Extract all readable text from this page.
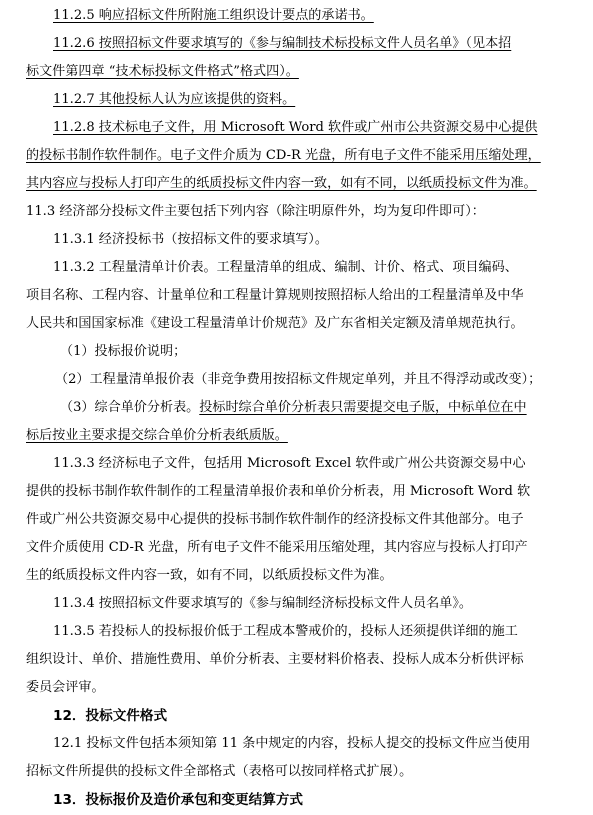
11.2.5 响应招标文件所附施工组织设计要点的承诺书。
11.2.6 按照招标文件要求填写的《参与编制技术标投标文件人员名单》（见本招
标文件第四章 “技术标投标文件格式”格式四）。
11.2.7 其他投标人认为应该提供的资料。
11.2.8 技术标电子文件，用 Microsoft Word 软件或广州市公共资源交易中心提供
的投标书制作软件制作。电子文件介质为 CD-R 光盘，所有电子文件不能采用压缩处理，
其内容应与投标人打印产生的纸质投标文件内容一致，如有不同，以纸质投标文件为准。
11.3 经济部分投标文件主要包括下列内容（除注明原件外，均为复印件即可）：
11.3.1 经济投标书（按招标文件的要求填写）。
11.3.2 工程量清单计价表。工程量清单的组成、编制、计价、格式、项目编码、
项目名称、工程内容、计量单位和工程量计算规则按照招标人给出的工程量清单及中华
人民共和国国家标准《建设工程量清单计价规范》及广东省相关定额及清单规范执行。
（1）投标报价说明；
（2）工程量清单报价表（非竞争费用按招标文件规定单列，并且不得浮动或改变）；
（3）综合单价分析表。投标时综合单价分析表只需要提交电子版，中标单位在中
标后按业主要求提交综合单价分析表纸质版。
11.3.3 经济标电子文件，包括用 Microsoft Excel 软件或广州公共资源交易中心
提供的投标书制作软件制作的工程量清单报价表和单价分析表，用 Microsoft Word 软
件或广州公共资源交易中心提供的投标书制作软件制作的经济投标文件其他部分。电子
文件介质使用 CD-R 光盘，所有电子文件不能采用压缩处理，其内容应与投标人打印产
生的纸质投标文件内容一致，如有不同，以纸质投标文件为准。
11.3.4 按照招标文件要求填写的《参与编制经济标投标文件人员名单》。
11.3.5 若投标人的投标报价低于工程成本警戒价的，投标人还须提供详细的施工
组织设计、单价、措施性费用、单价分析表、主要材料价格表、投标人成本分析供评标
委员会评审。
12．投标文件格式
12.1 投标文件包括本须知第 11 条中规定的内容，投标人提交的投标文件应当使用
招标文件所提供的投标文件全部格式（表格可以按同样格式扩展）。
13．投标报价及造价承包和变更结算方式
